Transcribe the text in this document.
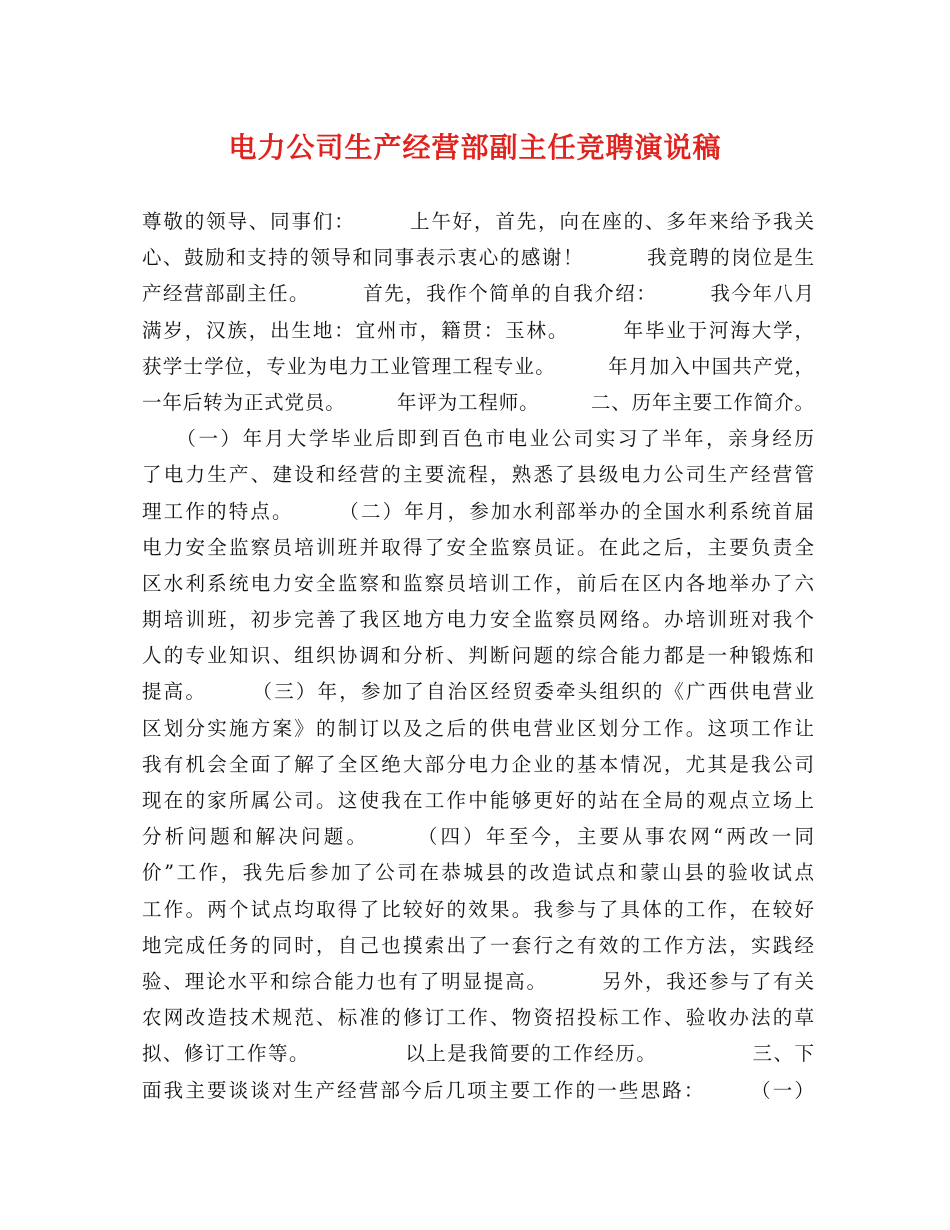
电力公司生产经营部副主任竞聘演说稿
尊敬的领导、同事们：　　　上午好，首先，向在座的、多年来给予我关
心、鼓励和支持的领导和同事表示衷心的感谢！　　　我竞聘的岗位是生
产经营部副主任。　　　首先，我作个简单的自我介绍：　　　我今年八月
满岁，汉族，出生地：宜州市，籍贯：玉林。　　　年毕业于河海大学，
获学士学位，专业为电力工业管理工程专业。　　　年月加入中国共产党，
一年后转为正式党员。　　　年评为工程师。　　　二、历年主要工作简介。
　　（一）年月大学毕业后即到百色市电业公司实习了半年，亲身经历
了电力生产、建设和经营的主要流程，熟悉了县级电力公司生产经营管
理工作的特点。　　　（二）年月，参加水利部举办的全国水利系统首届
电力安全监察员培训班并取得了安全监察员证。在此之后，主要负责全
区水利系统电力安全监察和监察员培训工作，前后在区内各地举办了六
期培训班，初步完善了我区地方电力安全监察员网络。办培训班对我个
人的专业知识、组织协调和分析、判断问题的综合能力都是一种锻炼和
提高。　　　（三）年，参加了自治区经贸委牵头组织的《广西供电营业
区划分实施方案》的制订以及之后的供电营业区划分工作。这项工作让
我有机会全面了解了全区绝大部分电力企业的基本情况，尤其是我公司
现在的家所属公司。这使我在工作中能够更好的站在全局的观点立场上
分析问题和解决问题。　　　（四）年至今，主要从事农网“两改一同
价”工作，我先后参加了公司在恭城县的改造试点和蒙山县的验收试点
工作。两个试点均取得了比较好的效果。我参与了具体的工作，在较好
地完成任务的同时，自己也摸索出了一套行之有效的工作方法，实践经
验、理论水平和综合能力也有了明显提高。　　　另外，我还参与了有关
农网改造技术规范、标准的修订工作、物资招投标工作、验收办法的草
拟、修订工作等。　　　　　以上是我简要的工作经历。　　　　　三、下
面我主要谈谈对生产经营部今后几项主要工作的一些思路：　　　（一）
